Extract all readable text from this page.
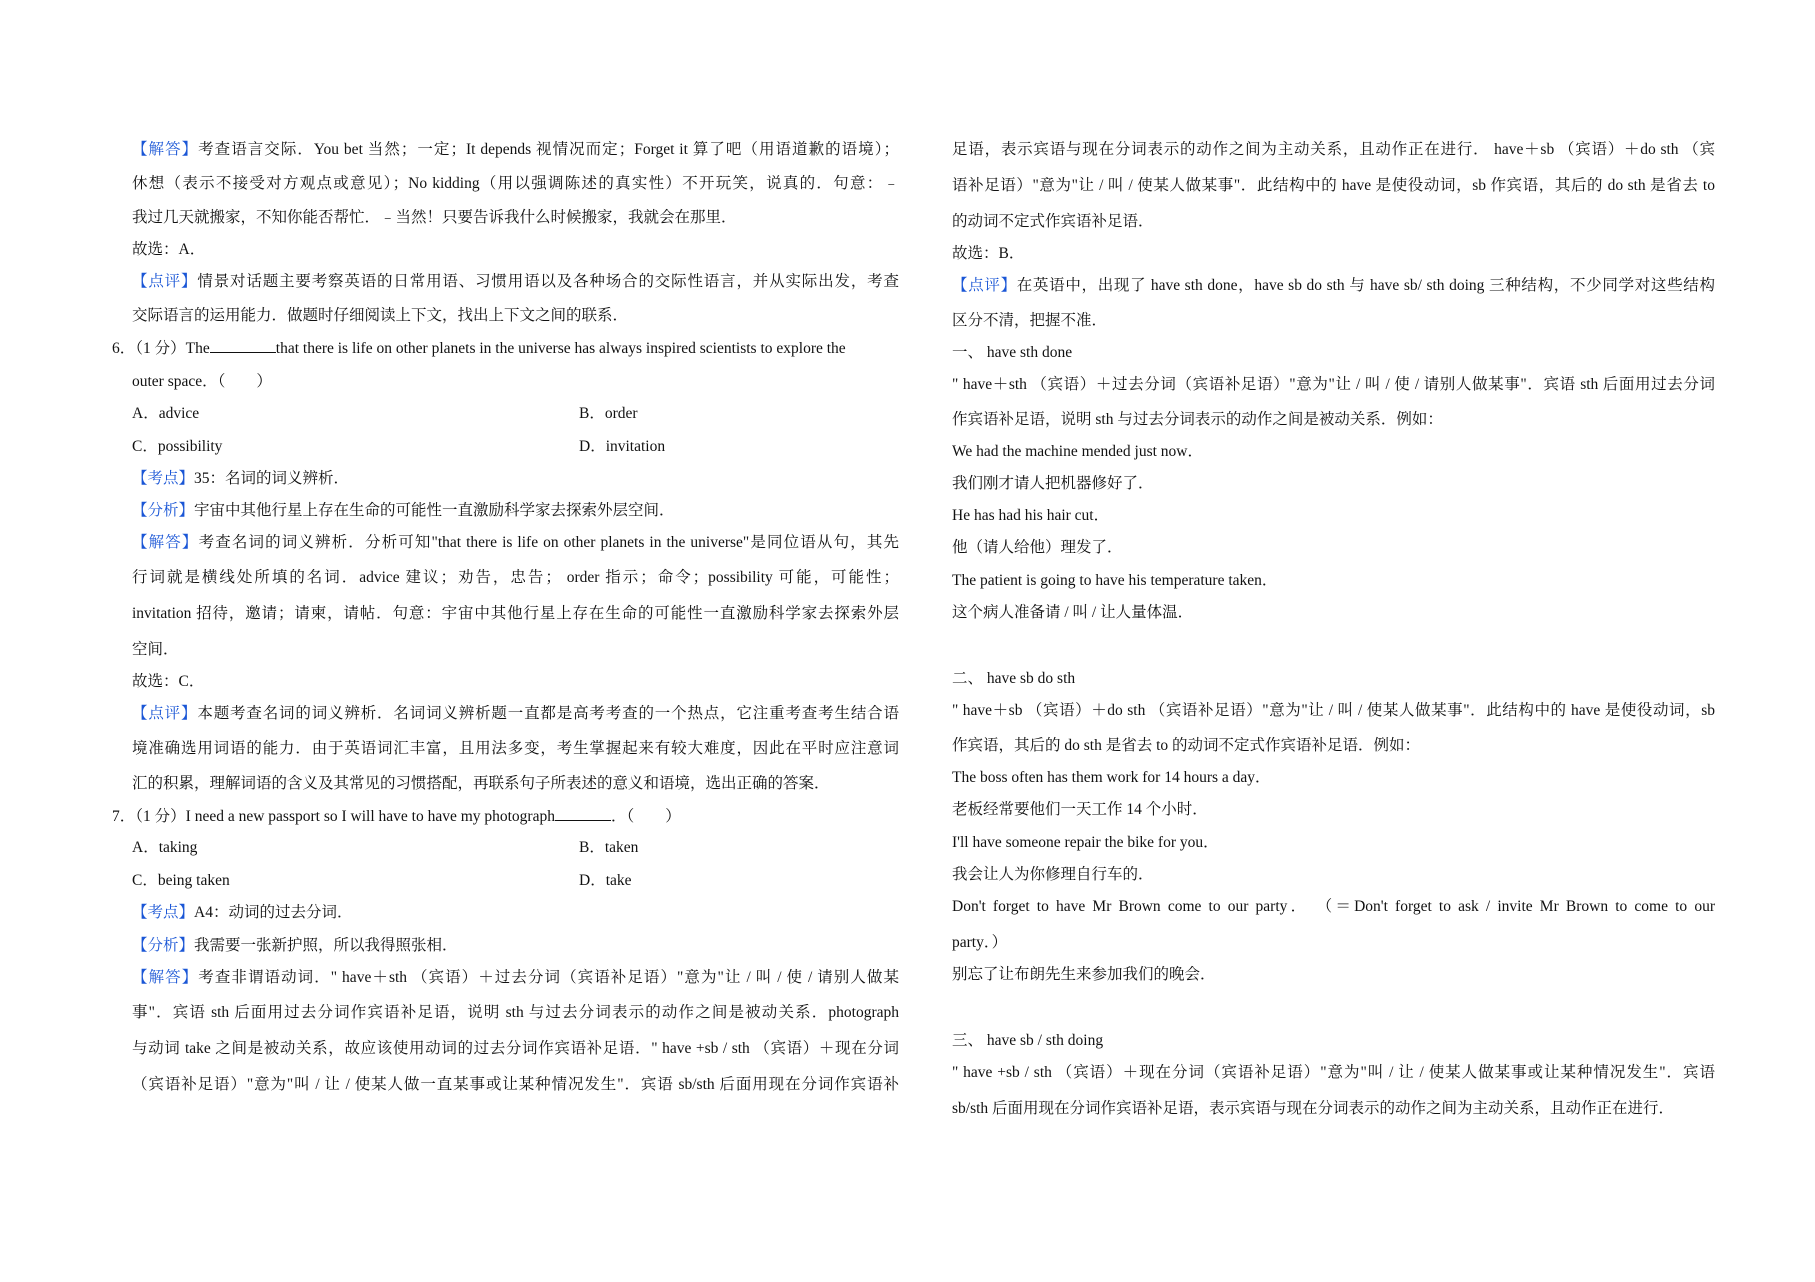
【解答】考查语言交际．You bet 当然；一定；It depends 视情况而定；Forget it 算了吧（用语道歉的语境）；
休想（表示不接受对方观点或意见）；No kidding（用以强调陈述的真实性）不开玩笑，说真的．句意：﹣
我过几天就搬家，不知你能否帮忙．﹣当然！只要告诉我什么时候搬家，我就会在那里．
故选：A．
【点评】情景对话题主要考察英语的日常用语、习惯用语以及各种场合的交际性语言，并从实际出发，考查
交际语言的运用能力．做题时仔细阅读上下文，找出上下文之间的联系．
6．（1 分）The	that there is life on other planets in the universe has always inspired scientists to explore the
outer space．（　　）
A．advice	B．order
C．possibility	D．invitation
【考点】35：名词的词义辨析．
【分析】宇宙中其他行星上存在生命的可能性一直激励科学家去探索外层空间．
【解答】考查名词的词义辨析．分析可知"that there is life on other planets in the universe"是同位语从句，其先
行词就是横线处所填的名词．advice 建议；劝告，忠告； order 指示；命令；possibility 可能，可能性；
invitation 招待，邀请；请柬，请帖．句意：宇宙中其他行星上存在生命的可能性一直激励科学家去探索外层
空间．
故选：C．
【点评】本题考查名词的词义辨析．名词词义辨析题一直都是高考考查的一个热点，它注重考查考生结合语
境准确选用词语的能力．由于英语词汇丰富，且用法多变，考生掌握起来有较大难度，因此在平时应注意词
汇的积累，理解词语的含义及其常见的习惯搭配，再联系句子所表述的意义和语境，选出正确的答案．
7．（1 分）I need a new passport so I will have to have my photograph	．（　　）
A．taking	B．taken
C．being taken	D．take
【考点】A4：动词的过去分词．
【分析】我需要一张新护照，所以我得照张相．
【解答】考查非谓语动词．" have＋sth （宾语）＋过去分词（宾语补足语）"意为"让 / 叫 / 使 / 请别人做某
事"．宾语 sth 后面用过去分词作宾语补足语，说明 sth 与过去分词表示的动作之间是被动关系．photograph
与动词 take 之间是被动关系，故应该使用动词的过去分词作宾语补足语．" have +sb / sth （宾语）＋现在分词
（宾语补足语）"意为"叫 / 让 / 使某人做一直某事或让某种情况发生"．宾语 sb/sth 后面用现在分词作宾语补
足语，表示宾语与现在分词表示的动作之间为主动关系，且动作正在进行． have＋sb （宾语）＋do sth （宾
语补足语）"意为"让 / 叫 / 使某人做某事"．此结构中的 have 是使役动词，sb 作宾语，其后的 do sth 是省去 to
的动词不定式作宾语补足语．
故选：B．
【点评】在英语中，出现了 have sth done，have sb do sth 与 have sb/ sth doing 三种结构，不少同学对这些结构
区分不清，把握不准．
一、 have sth done
" have＋sth （宾语）＋过去分词（宾语补足语）"意为"让 / 叫 / 使 / 请别人做某事"．宾语 sth 后面用过去分词
作宾语补足语，说明 sth 与过去分词表示的动作之间是被动关系．例如：
We had the machine mended just now．
我们刚才请人把机器修好了．
He has had his hair cut．
他（请人给他）理发了．
The patient is going to have his temperature taken．
这个病人准备请 / 叫 / 让人量体温．
二、 have sb do sth
" have＋sb （宾语）＋do sth （宾语补足语）"意为"让 / 叫 / 使某人做某事"．此结构中的 have 是使役动词，sb
作宾语，其后的 do sth 是省去 to 的动词不定式作宾语补足语．例如：
The boss often has them work for 14 hours a day．
老板经常要他们一天工作 14 个小时．
I'll have someone repair the bike for you．
我会让人为你修理自行车的．
Don't forget to have Mr Brown come to our party． （＝Don't forget to ask / invite Mr Brown to come to our
party．）
别忘了让布朗先生来参加我们的晚会．
三、 have sb / sth doing
" have +sb / sth （宾语）＋现在分词（宾语补足语）"意为"叫 / 让 / 使某人做某事或让某种情况发生"．宾语
sb/sth 后面用现在分词作宾语补足语，表示宾语与现在分词表示的动作之间为主动关系，且动作正在进行．
